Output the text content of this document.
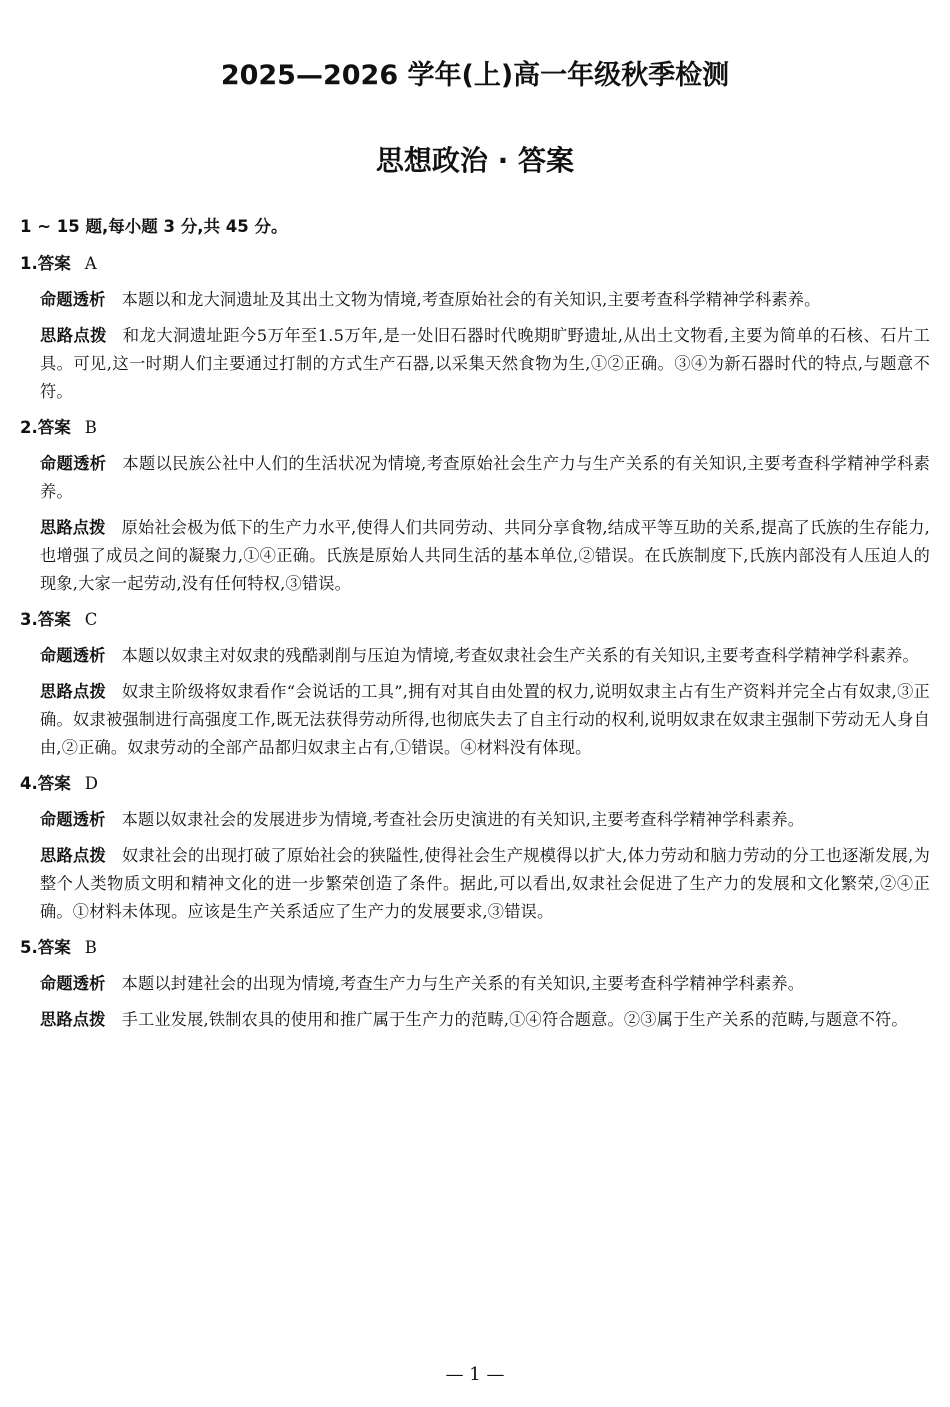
2025—2026 学年(上)高一年级秋季检测
思想政治 · 答案
1 ~ 15 题,每小题 3 分,共 45 分。
1.答案 A

命题透析 本题以和龙大洞遗址及其出土文物为情境,考查原始社会的有关知识,主要考查科学精神学科素养。

思路点拨 和龙大洞遗址距今5万年至1.5万年,是一处旧石器时代晚期旷野遗址,从出土文物看,主要为简单的石核、石片工具。可见,这一时期人们主要通过打制的方式生产石器,以采集天然食物为生,①②正确。③④为新石器时代的特点,与题意不符。

2.答案 B

命题透析 本题以民族公社中人们的生活状况为情境,考查原始社会生产力与生产关系的有关知识,主要考查科学精神学科素养。

思路点拨 原始社会极为低下的生产力水平,使得人们共同劳动、共同分享食物,结成平等互助的关系,提高了氏族的生存能力,也增强了成员之间的凝聚力,①④正确。氏族是原始人共同生活的基本单位,②错误。在氏族制度下,氏族内部没有人压迫人的现象,大家一起劳动,没有任何特权,③错误。

3.答案 C

命题透析 本题以奴隶主对奴隶的残酷剥削与压迫为情境,考查奴隶社会生产关系的有关知识,主要考查科学精神学科素养。

思路点拨 奴隶主阶级将奴隶看作“会说话的工具”,拥有对其自由处置的权力,说明奴隶主占有生产资料并完全占有奴隶,③正确。奴隶被强制进行高强度工作,既无法获得劳动所得,也彻底失去了自主行动的权利,说明奴隶在奴隶主强制下劳动无人身自由,②正确。奴隶劳动的全部产品都归奴隶主占有,①错误。④材料没有体现。

4.答案 D

命题透析 本题以奴隶社会的发展进步为情境,考查社会历史演进的有关知识,主要考查科学精神学科素养。

思路点拨 奴隶社会的出现打破了原始社会的狭隘性,使得社会生产规模得以扩大,体力劳动和脑力劳动的分工也逐渐发展,为整个人类物质文明和精神文化的进一步繁荣创造了条件。据此,可以看出,奴隶社会促进了生产力的发展和文化繁荣,②④正确。①材料未体现。应该是生产关系适应了生产力的发展要求,③错误。

5.答案 B

命题透析 本题以封建社会的出现为情境,考查生产力与生产关系的有关知识,主要考查科学精神学科素养。

思路点拨 手工业发展,铁制农具的使用和推广属于生产力的范畴,①④符合题意。②③属于生产关系的范畴,与题意不符。

— 1 —
